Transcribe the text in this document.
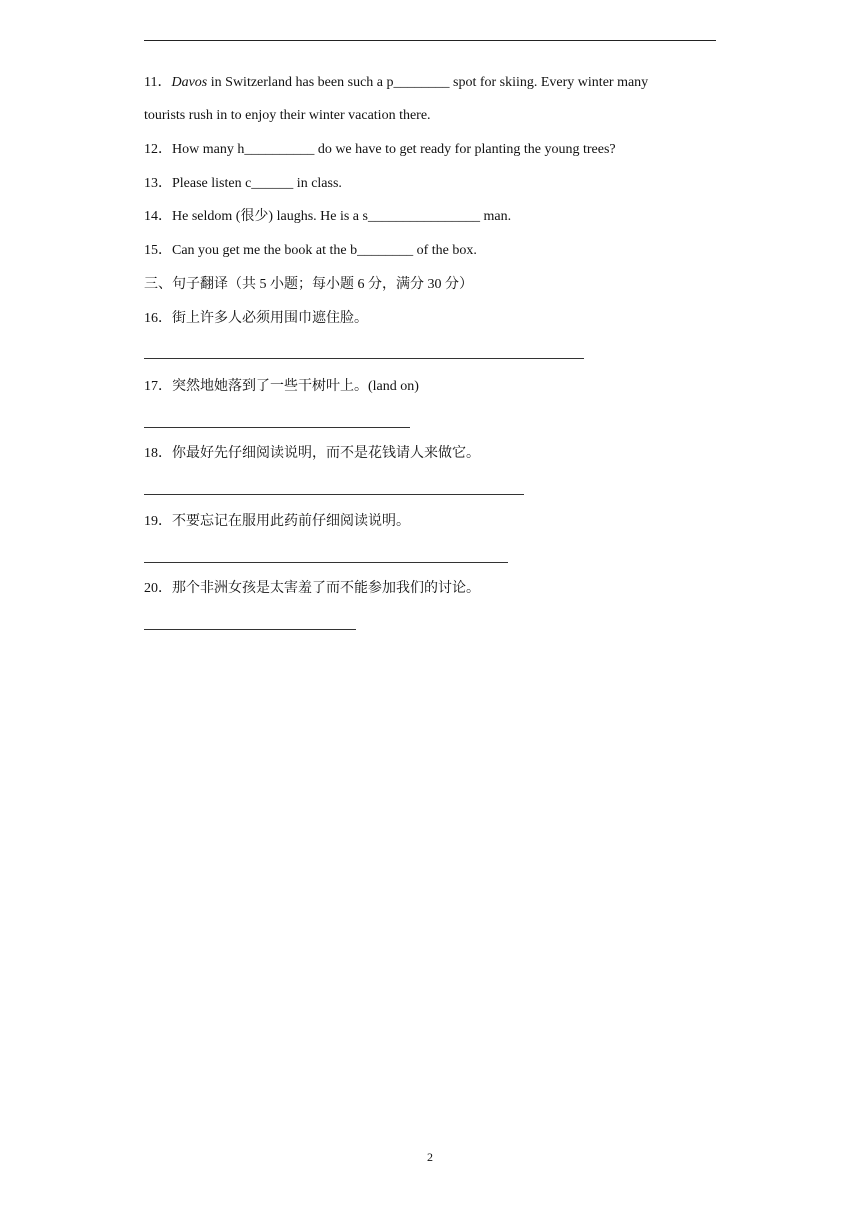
11．Davos in Switzerland has been such a p________ spot for skiing. Every winter many
tourists rush in to enjoy their winter vacation there.
12．How many h__________ do we have to get ready for planting the young trees?
13．Please listen c______ in class.
14．He seldom (很少) laughs. He is a s________________ man.
15．Can you get me the book at the b________ of the box.
三、句子翻译（共 5 小题；每小题 6 分，满分 30 分）
16．街上许多人必须用围巾遮住脸。
17．突然地她落到了一些干树叶上。(land on)
18．你最好先仔细阅读说明，而不是花钱请人来做它。
19．不要忘记在服用此药前仔细阅读说明。
20．那个非洲女孩是太害羞了而不能参加我们的讨论。
2
